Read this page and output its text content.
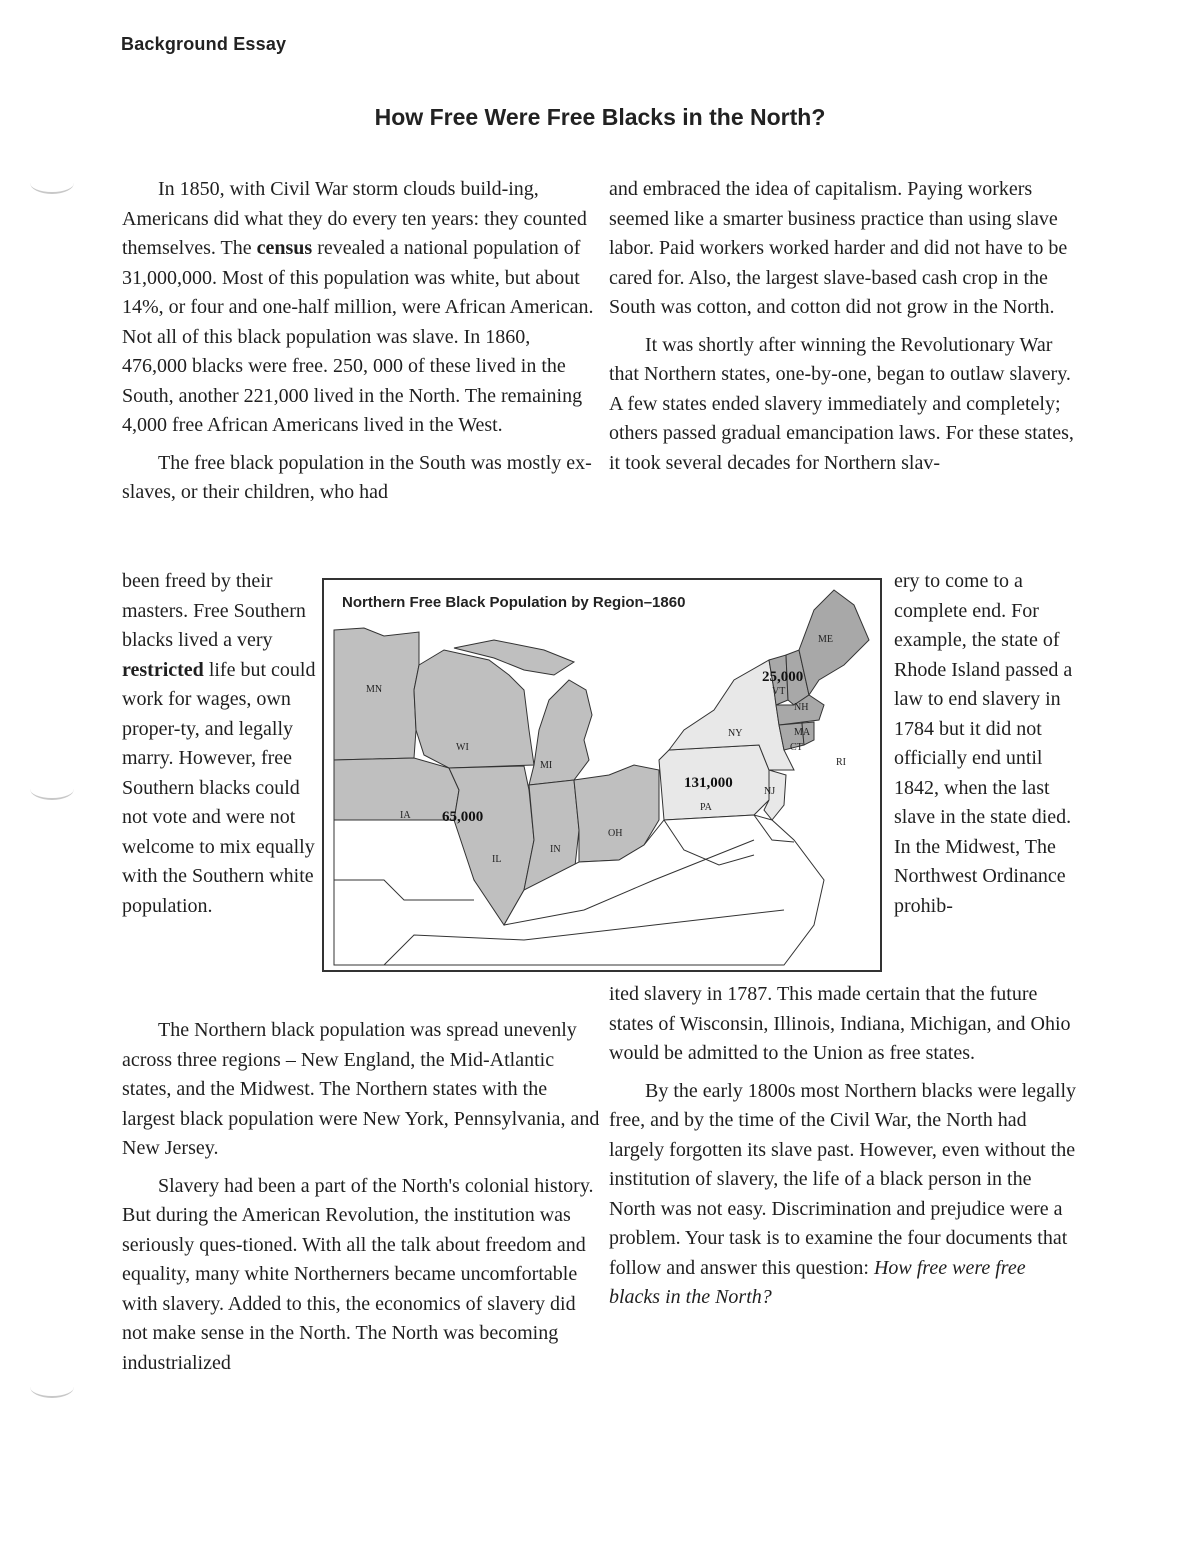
Background Essay
How Free Were Free Blacks in the North?

In 1850, with Civil War storm clouds build-ing, Americans did what they do every ten years: they counted themselves. The census revealed a national population of 31,000,000. Most of this population was white, but about 14%, or four and one-half million, were African American. Not all of this black population was slave. In 1860, 476,000 blacks were free. 250, 000 of these lived in the South, another 221,000 lived in the North. The remaining 4,000 free African Americans lived in the West.

The free black population in the South was mostly ex-slaves, or their children, who had

been freed by their masters. Free Southern blacks lived a very restricted life but could work for wages, own proper-ty, and legally marry. However, free Southern blacks could not vote and were not welcome to mix equally with the Southern white population.

The Northern black population was spread unevenly across three regions – New England, the Mid-Atlantic states, and the Midwest. The Northern states with the largest black population were New York, Pennsylvania, and New Jersey.

Slavery had been a part of the North's colonial history. But during the American Revolution, the institution was seriously ques-tioned. With all the talk about freedom and equality, many white Northerners became uncomfortable with slavery. Added to this, the economics of slavery did not make sense in the North. The North was becoming industrialized

and embraced the idea of capitalism. Paying workers seemed like a smarter business practice than using slave labor. Paid workers worked harder and did not have to be cared for. Also, the largest slave-based cash crop in the South was cotton, and cotton did not grow in the North.

It was shortly after winning the Revolutionary War that Northern states, one-by-one, began to outlaw slavery. A few states ended slavery immediately and completely; others passed gradual emancipation laws. For these states, it took several decades for Northern slav-

ery to come to a complete end. For example, the state of Rhode Island passed a law to end slavery in 1784 but it did not officially end until 1842, when the last slave in the state died. In the Midwest, The Northwest Ordinance prohib-

ited slavery in 1787. This made certain that the future states of Wisconsin, Illinois, Indiana, Michigan, and Ohio would be admitted to the Union as free states.

By the early 1800s most Northern blacks were legally free, and by the time of the Civil War, the North had largely forgotten its slave past. However, even without the institution of slavery, the life of a black person in the North was not easy. Discrimination and prejudice were a problem. Your task is to examine the four documents that follow and answer this question: How free were free blacks in the North?

MN
WI
MI
IA
IL
IN
OH
PA
NY
NJ
VT
NH
ME
MA
CT
RI
25,000
131,000
65,000
Northern Free Black Population by Region–1860
